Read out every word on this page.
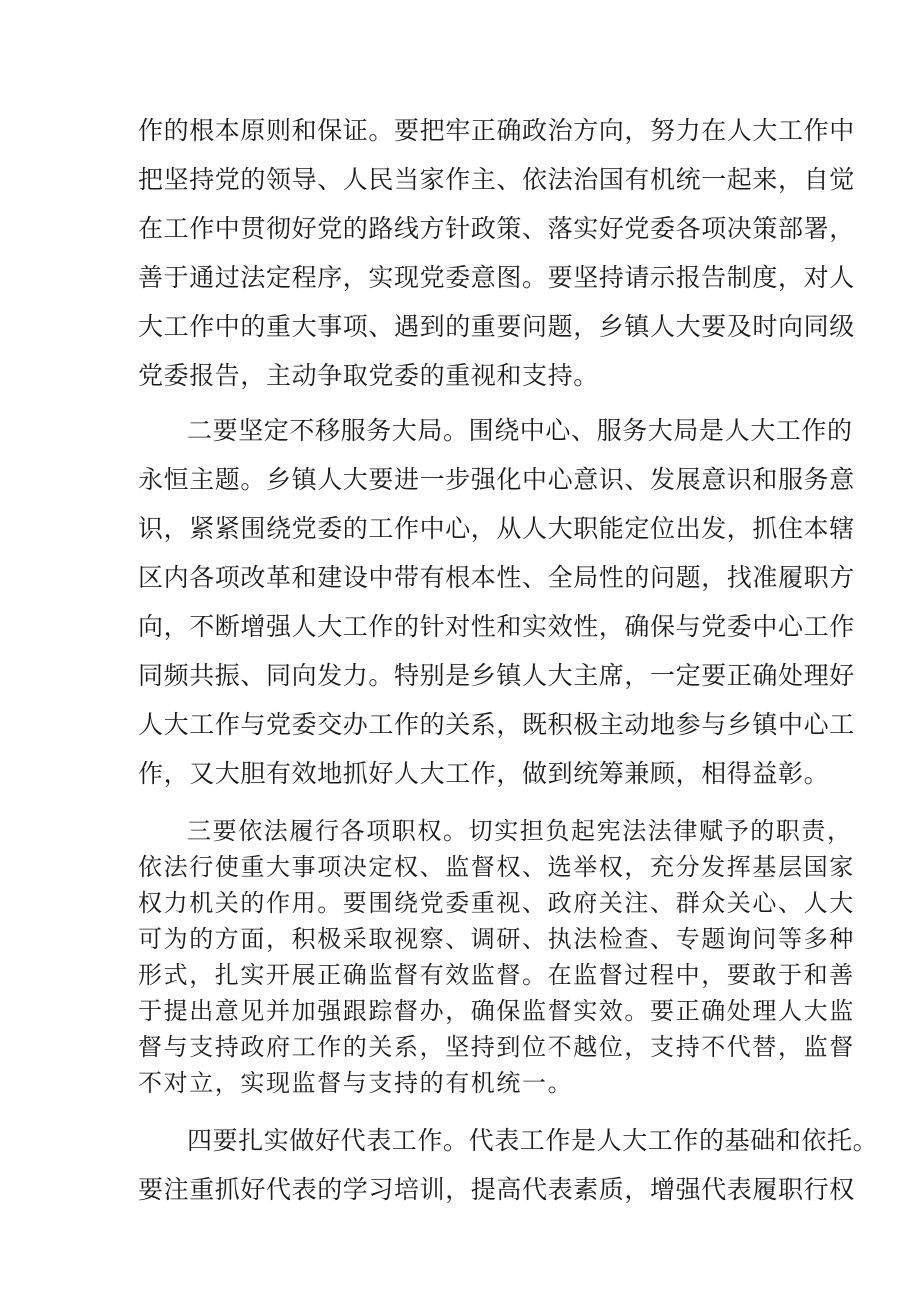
作的根本原则和保证。要把牢正确政治方向，努力在人大工作中
把坚持党的领导、人民当家作主、依法治国有机统一起来，自觉
在工作中贯彻好党的路线方针政策、落实好党委各项决策部署，
善于通过法定程序，实现党委意图。要坚持请示报告制度，对人
大工作中的重大事项、遇到的重要问题，乡镇人大要及时向同级
党委报告，主动争取党委的重视和支持。
二要坚定不移服务大局。围绕中心、服务大局是人大工作的
永恒主题。乡镇人大要进一步强化中心意识、发展意识和服务意
识，紧紧围绕党委的工作中心，从人大职能定位出发，抓住本辖
区内各项改革和建设中带有根本性、全局性的问题，找准履职方
向，不断增强人大工作的针对性和实效性，确保与党委中心工作
同频共振、同向发力。特别是乡镇人大主席，一定要正确处理好
人大工作与党委交办工作的关系，既积极主动地参与乡镇中心工
作，又大胆有效地抓好人大工作，做到统筹兼顾，相得益彰。
三要依法履行各项职权。切实担负起宪法法律赋予的职责，
依法行使重大事项决定权、监督权、选举权，充分发挥基层国家
权力机关的作用。要围绕党委重视、政府关注、群众关心、人大
可为的方面，积极采取视察、调研、执法检查、专题询问等多种
形式，扎实开展正确监督有效监督。在监督过程中，要敢于和善
于提出意见并加强跟踪督办，确保监督实效。要正确处理人大监
督与支持政府工作的关系，坚持到位不越位，支持不代替，监督
不对立，实现监督与支持的有机统一。
四要扎实做好代表工作。代表工作是人大工作的基础和依托。
要注重抓好代表的学习培训，提高代表素质，增强代表履职行权
